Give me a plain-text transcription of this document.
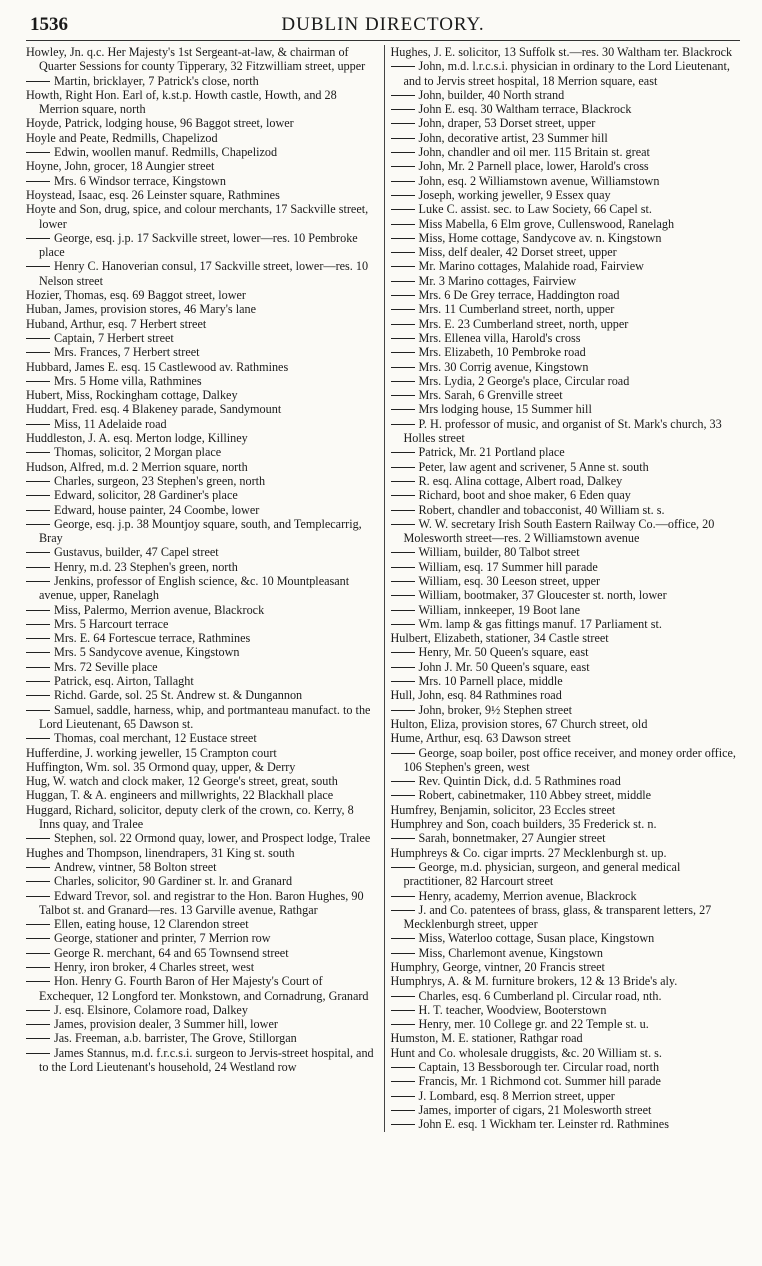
1536	DUBLIN DIRECTORY.
Howley, Jn. q.c. Her Majesty's 1st Sergeant-at-law, & chairman of Quarter Sessions for county Tipperary, 32 Fitzwilliam street, upper
Martin, bricklayer, 7 Patrick's close, north
Howth, Right Hon. Earl of, k.st.p. Howth castle, Howth, and 28 Merrion square, north
Hoyde, Patrick, lodging house, 96 Baggot street, lower
Hoyle and Peate, Redmills, Chapelizod
Edwin, woollen manuf. Redmills, Chapelizod
Hoyne, John, grocer, 18 Aungier street
Mrs. 6 Windsor terrace, Kingstown
Hoystead, Isaac, esq. 26 Leinster square, Rathmines
Hoyte and Son, drug, spice, and colour merchants, 17 Sackville street, lower
George, esq. j.p. 17 Sackville street, lower—res. 10 Pembroke place
Henry C. Hanoverian consul, 17 Sackville street, lower—res. 10 Nelson street
Hozier, Thomas, esq. 69 Baggot street, lower
Huban, James, provision stores, 46 Mary's lane
Huband, Arthur, esq. 7 Herbert street
Captain, 7 Herbert street
Mrs. Frances, 7 Herbert street
Hubbard, James E. esq. 15 Castlewood av. Rathmines
Mrs. 5 Home villa, Rathmines
Hubert, Miss, Rockingham cottage, Dalkey
Huddart, Fred. esq. 4 Blakeney parade, Sandymount
Miss, 11 Adelaide road
Huddleston, J. A. esq. Merton lodge, Killiney
Thomas, solicitor, 2 Morgan place
Hudson, Alfred, m.d. 2 Merrion square, north
Charles, surgeon, 23 Stephen's green, north
Edward, solicitor, 28 Gardiner's place
Edward, house painter, 24 Coombe, lower
George, esq. j.p. 38 Mountjoy square, south, and Templecarrig, Bray
Gustavus, builder, 47 Capel street
Henry, m.d. 23 Stephen's green, north
Jenkins, professor of English science, &c. 10 Mountpleasant avenue, upper, Ranelagh
Miss, Palermo, Merrion avenue, Blackrock
Mrs. 5 Harcourt terrace
Mrs. E. 64 Fortescue terrace, Rathmines
Mrs. 5 Sandycove avenue, Kingstown
Mrs. 72 Seville place
Patrick, esq. Airton, Tallaght
Richd. Garde, sol. 25 St. Andrew st. & Dungannon
Samuel, saddle, harness, whip, and portmanteau manufact. to the Lord Lieutenant, 65 Dawson st.
Thomas, coal merchant, 12 Eustace street
Hufferdine, J. working jeweller, 15 Crampton court
Huffington, Wm. sol. 35 Ormond quay, upper, & Derry
Hug, W. watch and clock maker, 12 George's street, great, south
Huggan, T. & A. engineers and millwrights, 22 Blackhall place
Huggard, Richard, solicitor, deputy clerk of the crown, co. Kerry, 8 Inns quay, and Tralee
Stephen, sol. 22 Ormond quay, lower, and Prospect lodge, Tralee
Hughes and Thompson, linendrapers, 31 King st. south
Andrew, vintner, 58 Bolton street
Charles, solicitor, 90 Gardiner st. lr. and Granard
Edward Trevor, sol. and registrar to the Hon. Baron Hughes, 90 Talbot st. and Granard—res. 13 Garville avenue, Rathgar
Ellen, eating house, 12 Clarendon street
George, stationer and printer, 7 Merrion row
George R. merchant, 64 and 65 Townsend street
Henry, iron broker, 4 Charles street, west
Hon. Henry G. Fourth Baron of Her Majesty's Court of Exchequer, 12 Longford ter. Monkstown, and Cornadrung, Granard
J. esq. Elsinore, Colamore road, Dalkey
James, provision dealer, 3 Summer hill, lower
Jas. Freeman, a.b. barrister, The Grove, Stillorgan
James Stannus, m.d. f.r.c.s.i. surgeon to Jervis-street hospital, and to the Lord Lieutenant's household, 24 Westland row
Hughes, J. E. solicitor, 13 Suffolk st.—res. 30 Waltham ter. Blackrock
John, m.d. l.r.c.s.i. physician in ordinary to the Lord Lieutenant, and to Jervis street hospital, 18 Merrion square, east
John, builder, 40 North strand
John E. esq. 30 Waltham terrace, Blackrock
John, draper, 53 Dorset street, upper
John, decorative artist, 23 Summer hill
John, chandler and oil mer. 115 Britain st. great
John, Mr. 2 Parnell place, lower, Harold's cross
John, esq. 2 Williamstown avenue, Williamstown
Joseph, working jeweller, 9 Essex quay
Luke C. assist. sec. to Law Society, 66 Capel st.
Miss Mabella, 6 Elm grove, Cullenswood, Ranelagh
Miss, Home cottage, Sandycove av. n. Kingstown
Miss, delf dealer, 42 Dorset street, upper
Mr. Marino cottages, Malahide road, Fairview
Mr. 3 Marino cottages, Fairview
Mrs. 6 De Grey terrace, Haddington road
Mrs. 11 Cumberland street, north, upper
Mrs. E. 23 Cumberland street, north, upper
Mrs. Ellenea villa, Harold's cross
Mrs. Elizabeth, 10 Pembroke road
Mrs. 30 Corrig avenue, Kingstown
Mrs. Lydia, 2 George's place, Circular road
Mrs. Sarah, 6 Grenville street
Mrs lodging house, 15 Summer hill
P. H. professor of music, and organist of St. Mark's church, 33 Holles street
Patrick, Mr. 21 Portland place
Peter, law agent and scrivener, 5 Anne st. south
R. esq. Alina cottage, Albert road, Dalkey
Richard, boot and shoe maker, 6 Eden quay
Robert, chandler and tobacconist, 40 William st. s.
W. W. secretary Irish South Eastern Railway Co.—office, 20 Molesworth street—res. 2 Williamstown avenue
William, builder, 80 Talbot street
William, esq. 17 Summer hill parade
William, esq. 30 Leeson street, upper
William, bootmaker, 37 Gloucester st. north, lower
William, innkeeper, 19 Boot lane
Wm. lamp & gas fittings manuf. 17 Parliament st.
Hulbert, Elizabeth, stationer, 34 Castle street
Henry, Mr. 50 Queen's square, east
John J. Mr. 50 Queen's square, east
Mrs. 10 Parnell place, middle
Hull, John, esq. 84 Rathmines road
John, broker, 9½ Stephen street
Hulton, Eliza, provision stores, 67 Church street, old
Hume, Arthur, esq. 63 Dawson street
George, soap boiler, post office receiver, and money order office, 106 Stephen's green, west
Rev. Quintin Dick, d.d. 5 Rathmines road
Robert, cabinetmaker, 110 Abbey street, middle
Humfrey, Benjamin, solicitor, 23 Eccles street
Humphrey and Son, coach builders, 35 Frederick st. n.
Sarah, bonnetmaker, 27 Aungier street
Humphreys & Co. cigar imprts. 27 Mecklenburgh st. up.
George, m.d. physician, surgeon, and general medical practitioner, 82 Harcourt street
Henry, academy, Merrion avenue, Blackrock
J. and Co. patentees of brass, glass, & transparent letters, 27 Mecklenburgh street, upper
Miss, Waterloo cottage, Susan place, Kingstown
Miss, Charlemont avenue, Kingstown
Humphry, George, vintner, 20 Francis street
Humphrys, A. & M. furniture brokers, 12 & 13 Bride's aly.
Charles, esq. 6 Cumberland pl. Circular road, nth.
H. T. teacher, Woodview, Booterstown
Henry, mer. 10 College gr. and 22 Temple st. u.
Humston, M. E. stationer, Rathgar road
Hunt and Co. wholesale druggists, &c. 20 William st. s.
Captain, 13 Bessborough ter. Circular road, north
Francis, Mr. 1 Richmond cot. Summer hill parade
J. Lombard, esq. 8 Merrion street, upper
James, importer of cigars, 21 Molesworth street
John E. esq. 1 Wickham ter. Leinster rd. Rathmines
